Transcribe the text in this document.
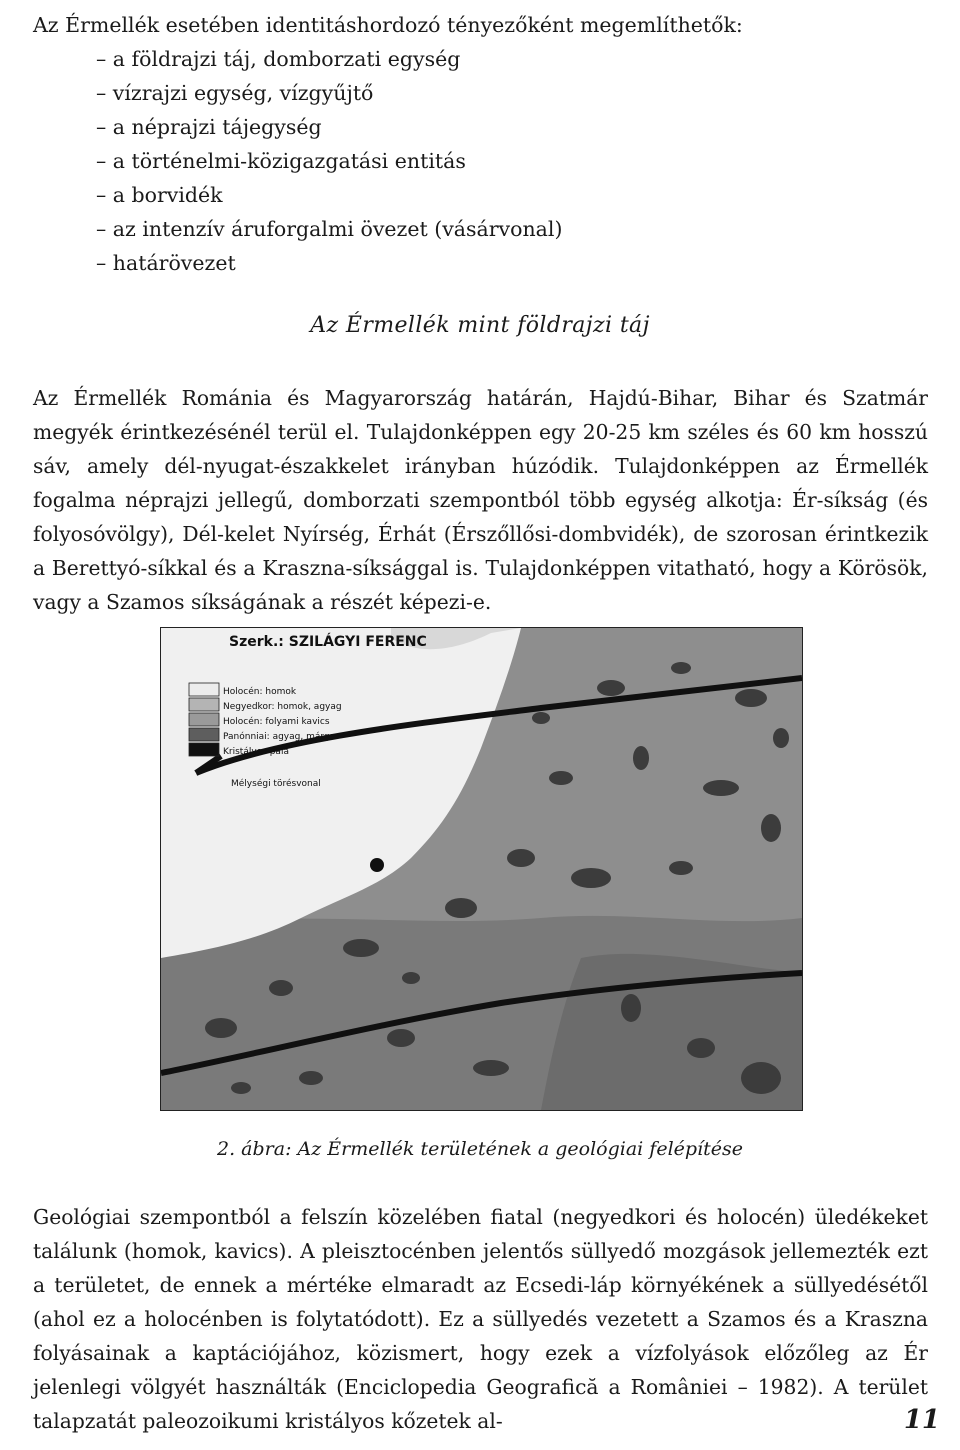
Az Érmellék esetében identitáshordozó tényezőként megemlíthetők:
– a földrajzi táj, domborzati egység
– vízrajzi egység, vízgyűjtő
– a néprajzi tájegység
– a történelmi-közigazgatási entitás
– a borvidék
– az intenzív áruforgalmi övezet (vásárvonal)
– határövezet
Az Érmellék mint földrajzi táj

Az Érmellék Románia és Magyarország határán, Hajdú-Bihar, Bihar és Szatmár megyék érintkezésénél terül el. Tulajdonképpen egy 20-25 km széles és 60 km hosszú sáv, amely dél-nyugat-északkelet irányban húzódik. Tulajdonképpen az Érmellék fogalma néprajzi jellegű, domborzati szempontból több egység alkotja: Ér-síkság (és folyosóvölgy), Dél-kelet Nyírség, Érhát (Érszőllősi-dombvidék), de szorosan érintkezik a Berettyó-síkkal és a Kraszna-síksággal is. Tulajdonképpen vitatható, hogy a Körösök, vagy a Szamos síkságának a részét képezi-e.

Szerk.: SZILÁGYI FERENC
Holocén: homok
Negyedkor: homok, agyag
Holocén: folyami kavics
Panónniai: agyag, márga
Kristályos pala
Mélységi törésvonal
2. ábra: Az Érmellék területének a geológiai felépítése

Geológiai szempontból a felszín közelében fiatal (negyedkori és holocén) üledékeket találunk (homok, kavics). A pleisztocénben jelentős süllyedő mozgások jellemezték ezt a területet, de ennek a mértéke elmaradt az Ecsedi-láp környékének a süllyedésétől (ahol ez a holocénben is folytatódott). Ez a süllyedés vezetett a Szamos és a Kraszna folyásainak a kaptációjához, közismert, hogy ezek a vízfolyások előzőleg az Ér jelenlegi völgyét használták (Enciclopedia Geografică a României – 1982). A terület talapzatát paleozoikumi kristályos kőzetek al-	11
